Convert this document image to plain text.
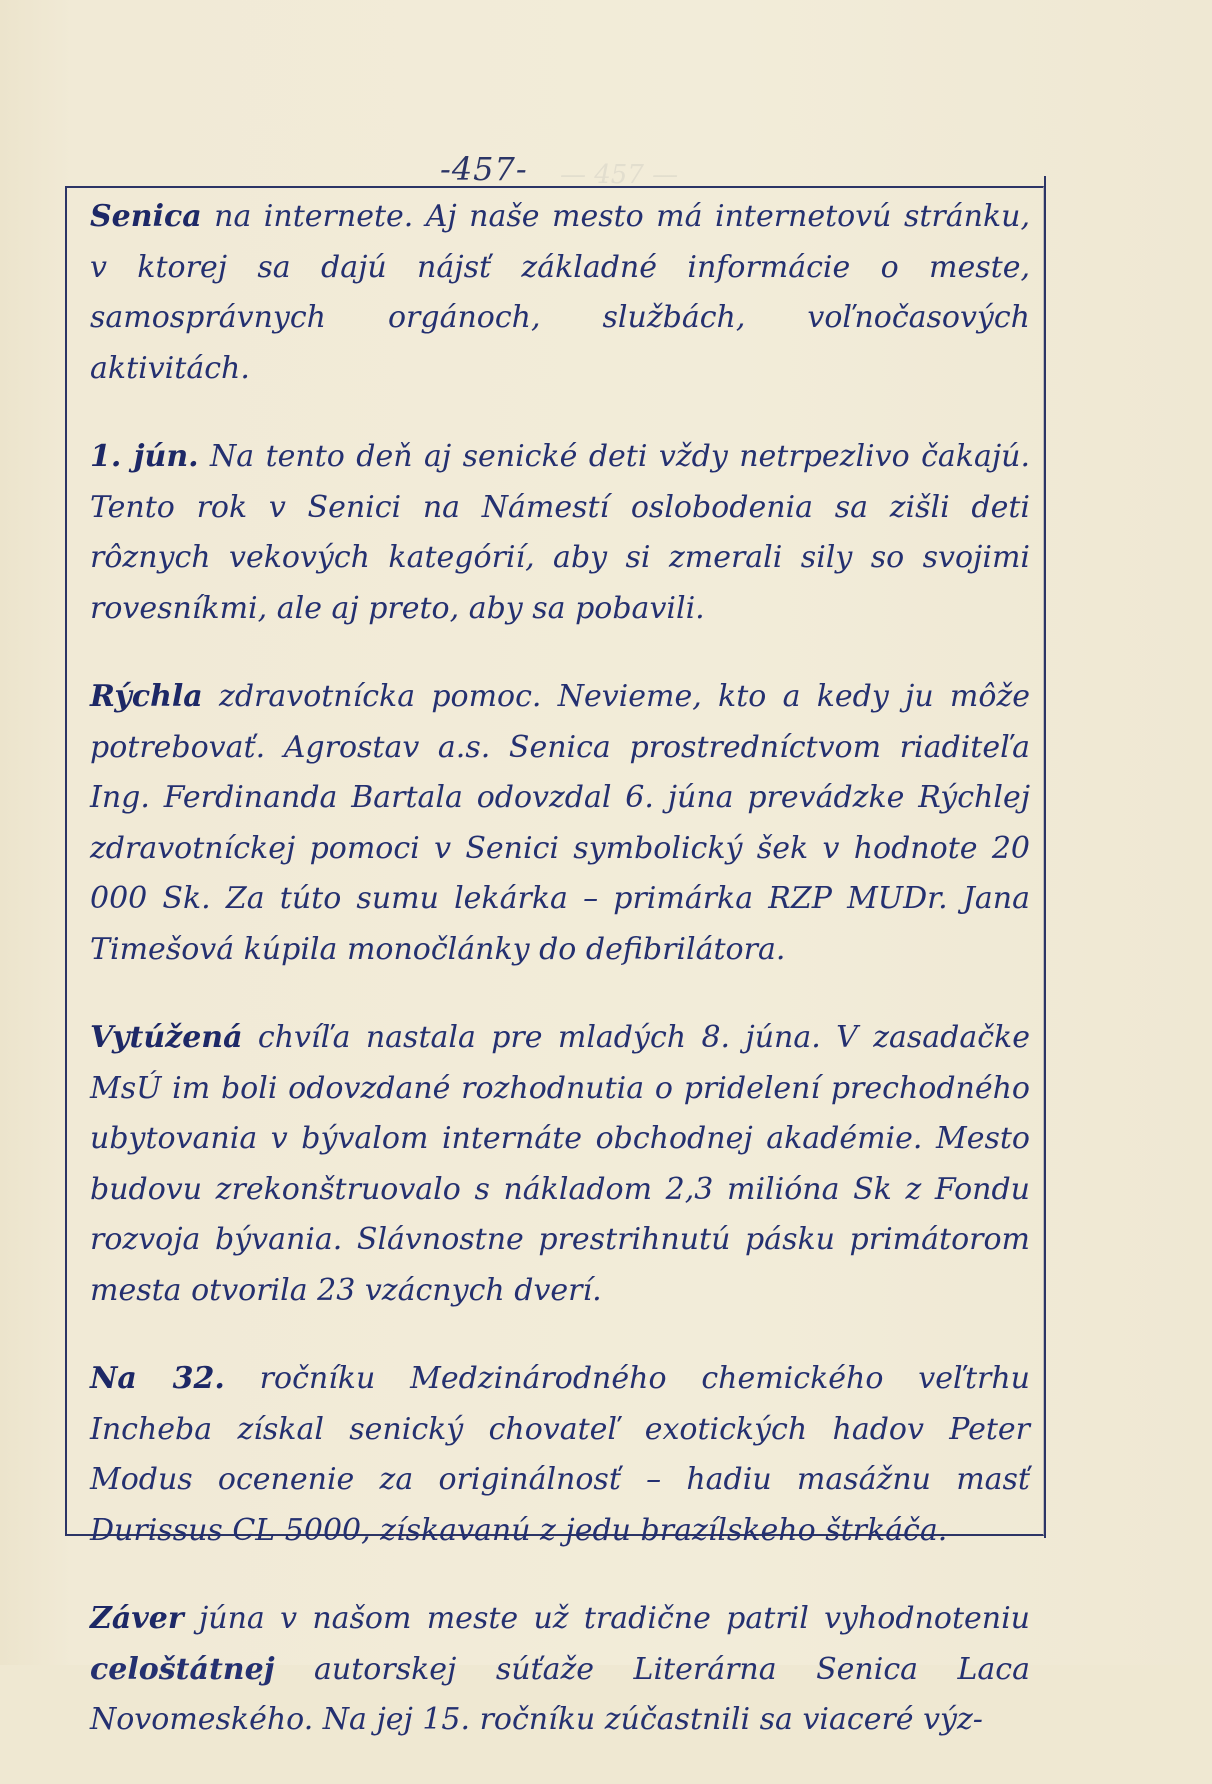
— 457 —
-457-

Senica na internete. Aj naše mesto má internetovú stránku, v ktorej sa dajú nájsť základné informácie o meste, samosprávnych orgánoch, službách, voľnočasových aktivitách.

1. jún. Na tento deň aj senické deti vždy netrpezlivo čakajú. Tento rok v Senici na Námestí oslobodenia sa zišli deti rôznych vekových kategórií, aby si zmerali sily so svojimi rovesníkmi, ale aj preto, aby sa pobavili.

Rýchla zdravotnícka pomoc. Nevieme, kto a kedy ju môže potrebovať. Agrostav a.s. Senica prostredníctvom riaditeľa Ing. Ferdinanda Bartala odovzdal 6. júna prevádzke Rýchlej zdravotníckej pomoci v Senici symbolický šek v hodnote 20 000 Sk. Za túto sumu lekárka – primárka RZP MUDr. Jana Timešová kúpila monočlánky do defibrilátora.

Vytúžená chvíľa nastala pre mladých 8. júna. V zasadačke MsÚ im boli odovzdané rozhodnutia o pridelení prechodného ubytovania v bývalom internáte obchodnej akadémie. Mesto budovu zrekonštruovalo s nákladom 2,3 milióna Sk z Fondu rozvoja bývania. Slávnostne prestrihnutú pásku primátorom mesta otvorila 23 vzácnych dverí.

Na 32. ročníku Medzinárodného chemického veľtrhu Incheba získal senický chovateľ exotických hadov Peter Modus ocenenie za originálnosť – hadiu masážnu masť Durissus CL 5000, získavanú z jedu brazílskeho štrkáča.

Záver júna v našom meste už tradične patril vyhodnoteniu celoštátnej autorskej súťaže Literárna Senica Laca Novomeského. Na jej 15. ročníku zúčastnili sa viaceré výz-
